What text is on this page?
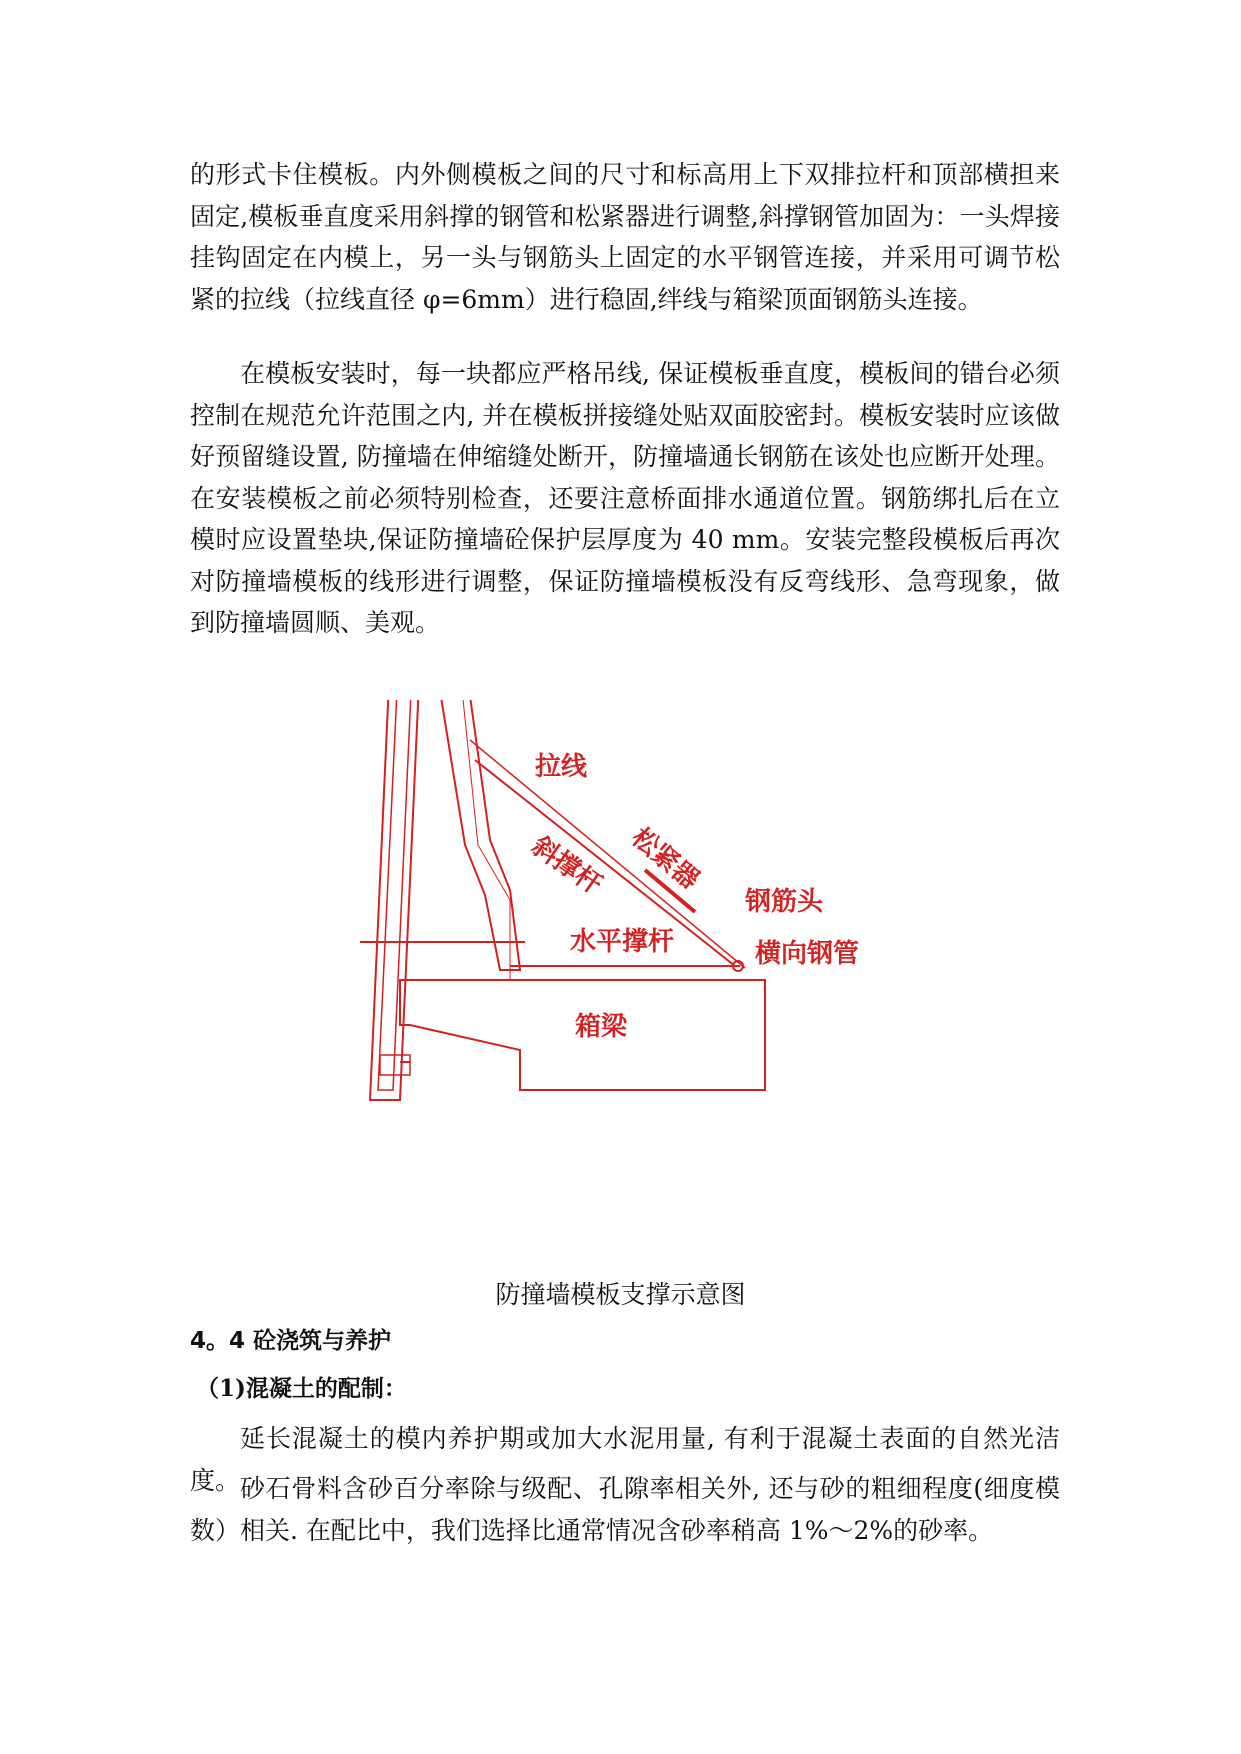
的形式卡住模板。内外侧模板之间的尺寸和标高用上下双排拉杆和顶部横担来固定,模板垂直度采用斜撑的钢管和松紧器进行调整,斜撑钢管加固为：一头焊接挂钩固定在内模上，另一头与钢筋头上固定的水平钢管连接，并采用可调节松紧的拉线（拉线直径 φ=6mm）进行稳固,绊线与箱梁顶面钢筋头连接。

在模板安装时，每一块都应严格吊线, 保证模板垂直度，模板间的错台必须控制在规范允许范围之内, 并在模板拼接缝处贴双面胶密封。模板安装时应该做好预留缝设置, 防撞墙在伸缩缝处断开，防撞墙通长钢筋在该处也应断开处理。在安装模板之前必须特别检查，还要注意桥面排水通道位置。钢筋绑扎后在立模时应设置垫块,保证防撞墙砼保护层厚度为 40 mm。安装完整段模板后再次对防撞墙模板的线形进行调整，保证防撞墙模板没有反弯线形、急弯现象，做到防撞墙圆顺、美观。

拉线
斜撑杆 松紧器
钢筋头
水平撑杆	横向钢管
箱梁
防撞墙模板支撑示意图
4。4 砼浇筑与养护
（1)混凝土的配制：

延长混凝土的模内养护期或加大水泥用量, 有利于混凝土表面的自然光洁度。 砂石骨料含砂百分率除与级配、孔隙率相关外, 还与砂的粗细程度(细度模数）相关. 在配比中，我们选择比通常情况含砂率稍高 1%～2%的砂率。
